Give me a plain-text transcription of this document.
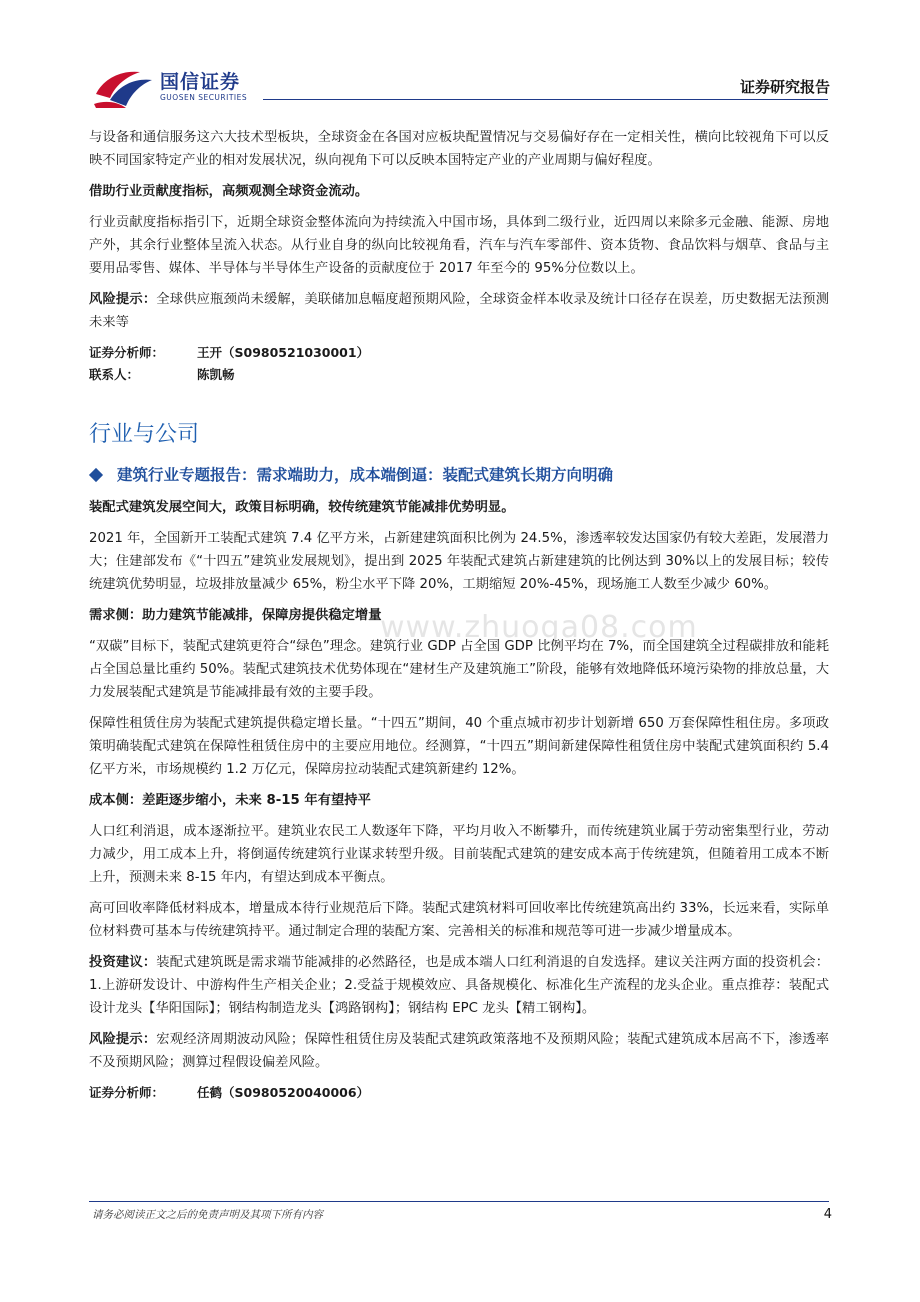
国信证券
GUOSEN SECURITIES
证券研究报告
www.zhuoga08.com

与设备和通信服务这六大技术型板块，全球资金在各国对应板块配置情况与交易偏好存在一定相关性，横向比较视角下可以反映不同国家特定产业的相对发展状况，纵向视角下可以反映本国特定产业的产业周期与偏好程度。

借助行业贡献度指标，高频观测全球资金流动。

行业贡献度指标指引下，近期全球资金整体流向为持续流入中国市场，具体到二级行业，近四周以来除多元金融、能源、房地产外，其余行业整体呈流入状态。从行业自身的纵向比较视角看，汽车与汽车零部件、资本货物、食品饮料与烟草、食品与主要用品零售、媒体、半导体与半导体生产设备的贡献度位于 2017 年至今的 95%分位数以上。

风险提示：全球供应瓶颈尚未缓解，美联储加息幅度超预期风险，全球资金样本收录及统计口径存在误差，历史数据无法预测未来等

证券分析师：	王开（S0980521030001）
联系人：	陈凯畅
行业与公司
建筑行业专题报告：需求端助力，成本端倒逼：装配式建筑长期方向明确

装配式建筑发展空间大，政策目标明确，较传统建筑节能减排优势明显。

2021 年，全国新开工装配式建筑 7.4 亿平方米，占新建建筑面积比例为 24.5%，渗透率较发达国家仍有较大差距，发展潜力大；住建部发布《“十四五”建筑业发展规划》，提出到 2025 年装配式建筑占新建建筑的比例达到 30%以上的发展目标；较传统建筑优势明显，垃圾排放量减少 65%，粉尘水平下降 20%，工期缩短 20%-45%，现场施工人数至少减少 60%。

需求侧：助力建筑节能减排，保障房提供稳定增量

“双碳”目标下，装配式建筑更符合“绿色”理念。建筑行业 GDP 占全国 GDP 比例平均在 7%，而全国建筑全过程碳排放和能耗占全国总量比重约 50%。装配式建筑技术优势体现在“建材生产及建筑施工”阶段，能够有效地降低环境污染物的排放总量，大力发展装配式建筑是节能减排最有效的主要手段。

保障性租赁住房为装配式建筑提供稳定增长量。“十四五”期间，40 个重点城市初步计划新增 650 万套保障性租住房。多项政策明确装配式建筑在保障性租赁住房中的主要应用地位。经测算，“十四五”期间新建保障性租赁住房中装配式建筑面积约 5.4 亿平方米，市场规模约 1.2 万亿元，保障房拉动装配式建筑新建约 12%。

成本侧：差距逐步缩小，未来 8-15 年有望持平

人口红利消退，成本逐渐拉平。建筑业农民工人数逐年下降，平均月收入不断攀升，而传统建筑业属于劳动密集型行业，劳动力减少，用工成本上升，将倒逼传统建筑行业谋求转型升级。目前装配式建筑的建安成本高于传统建筑，但随着用工成本不断上升，预测未来 8-15 年内，有望达到成本平衡点。

高可回收率降低材料成本，增量成本待行业规范后下降。装配式建筑材料可回收率比传统建筑高出约 33%，长远来看，实际单位材料费可基本与传统建筑持平。通过制定合理的装配方案、完善相关的标准和规范等可进一步减少增量成本。

投资建议：装配式建筑既是需求端节能减排的必然路径，也是成本端人口红利消退的自发选择。建议关注两方面的投资机会：1.上游研发设计、中游构件生产相关企业；2.受益于规模效应、具备规模化、标准化生产流程的龙头企业。重点推荐：装配式设计龙头【华阳国际】；钢结构制造龙头【鸿路钢构】；钢结构 EPC 龙头【精工钢构】。

风险提示：宏观经济周期波动风险；保障性租赁住房及装配式建筑政策落地不及预期风险；装配式建筑成本居高不下，渗透率不及预期风险；测算过程假设偏差风险。

证券分析师：	任鹤（S0980520040006）
请务必阅读正文之后的免责声明及其项下所有内容	4
